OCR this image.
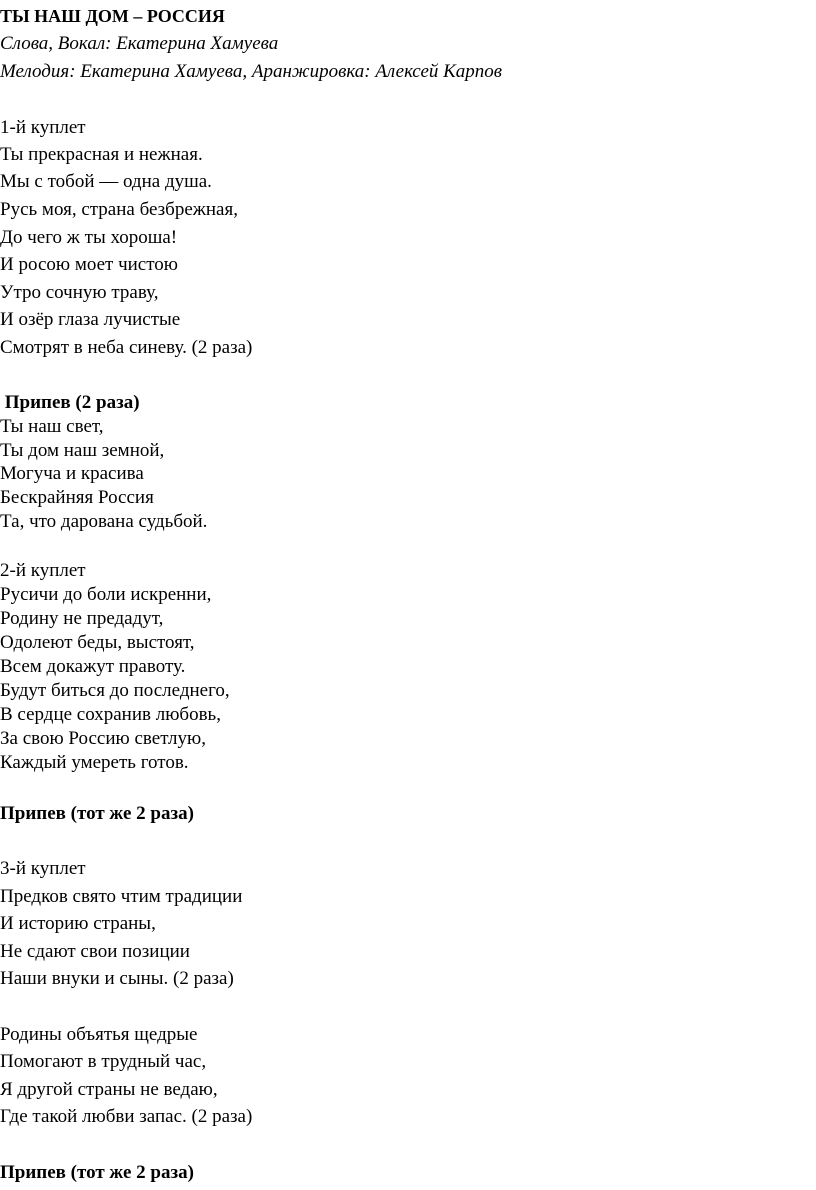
ТЫ НАШ ДОМ – РОССИЯ
Слова, Вокал: Екатерина Хамуева
Мелодия: Екатерина Хамуева, Аранжировка: Алексей Карпов
1-й куплет
Ты прекрасная и нежная.
Мы с тобой — одна душа.
Русь моя, страна безбрежная,
До чего ж ты хороша!
И росою моет чистою
Утро сочную траву,
И озёр глаза лучистые
Смотрят в неба синеву. (2 раза)
Припев (2 раза)
Ты наш свет,
Ты дом наш земной,
Могуча и красива
Бескрайняя Россия
Та, что дарована судьбой.
2-й куплет
Русичи до боли искренни,
Родину не предадут,
Одолеют беды, выстоят,
Всем докажут правоту.
Будут биться до последнего,
В сердце сохранив любовь,
За свою Россию светлую,
Каждый умереть готов.
Припев (тот же 2 раза)
3-й куплет
Предков свято чтим традиции
И историю страны,
Не сдают свои позиции
Наши внуки и сыны. (2 раза)
Родины объятья щедрые
Помогают в трудный час,
Я другой страны не ведаю,
Где такой любви запас. (2 раза)
Припев (тот же 2 раза)
